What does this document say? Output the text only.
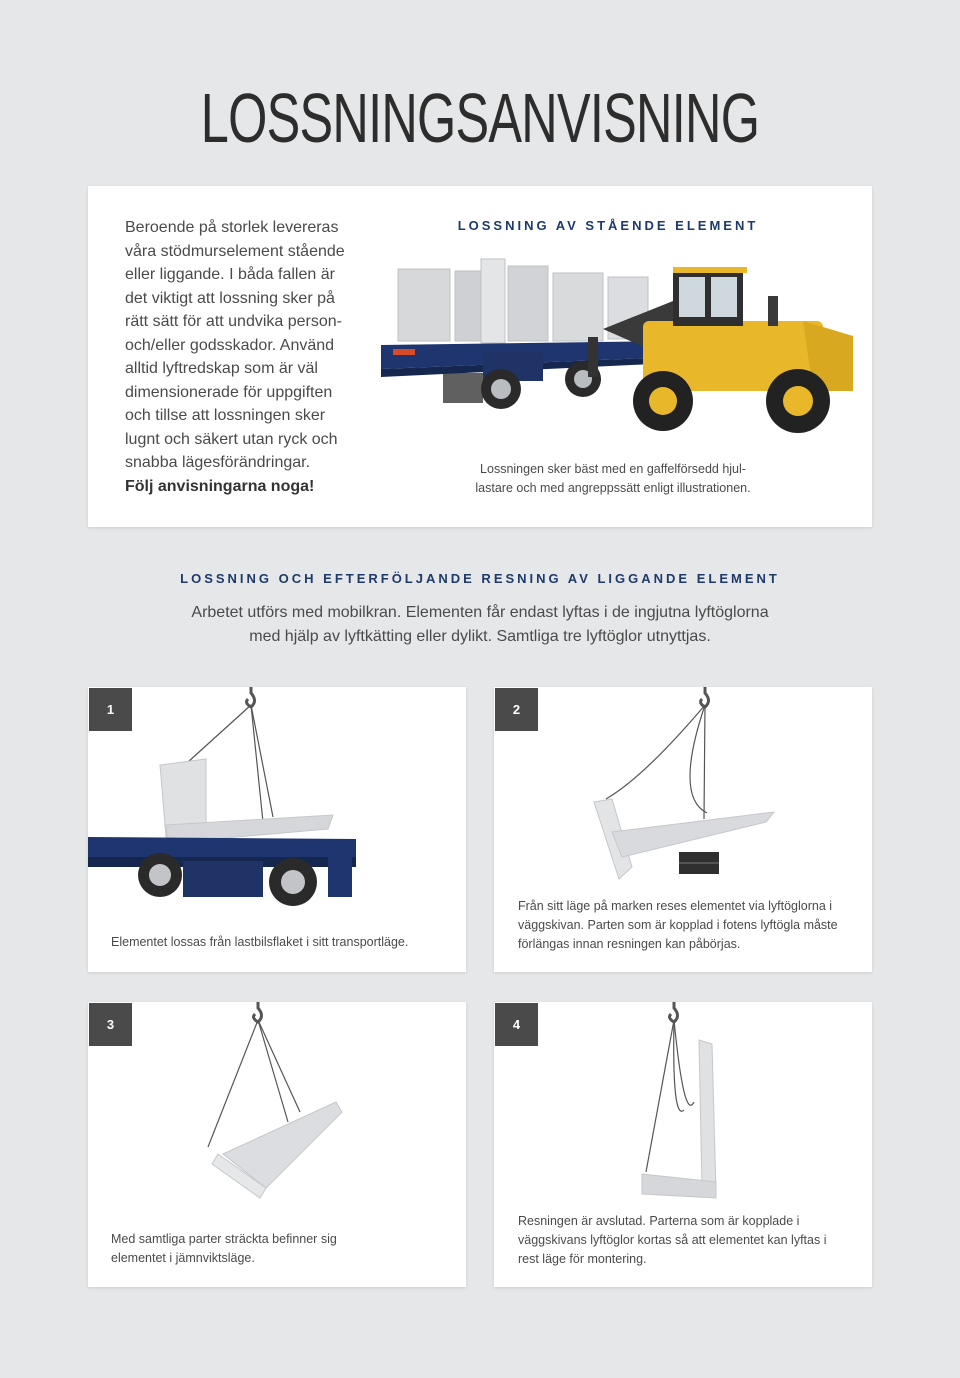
LOSSNINGSANVISNING
Beroende på storlek levereras våra stödmurselement stående eller liggande. I båda fallen är det viktigt att lossning sker på rätt sätt för att undvika person- och/eller godsskador. Använd alltid lyftredskap som är väl dimensionerade för uppgiften och tillse att lossningen sker lugnt och säkert utan ryck och snabba lägesförändringar.
Följ anvisningarna noga!
LOSSNING AV STÅENDE ELEMENT
Lossningen sker bäst med en gaffelförsedd hjul-
lastare och med angreppssätt enligt illustrationen.
LOSSNING OCH EFTERFÖLJANDE RESNING AV LIGGANDE ELEMENT
Arbetet utförs med mobilkran. Elementen får endast lyftas i de ingjutna lyftöglorna
med hjälp av lyftkätting eller dylikt. Samtliga tre lyftöglor utnyttjas.
1
Elementet lossas från lastbilsflaket i sitt transportläge.
2
Från sitt läge på marken reses elementet via lyftöglorna i väggskivan. Parten som är kopplad i fotens lyftögla måste förlängas innan resningen kan påbörjas.
3
Med samtliga parter sträckta befinner sig elementet i jämnviktsläge.
4
Resningen är avslutad. Parterna som är kopplade i väggskivans lyftöglor kortas så att elementet kan lyftas i rest läge för montering.
